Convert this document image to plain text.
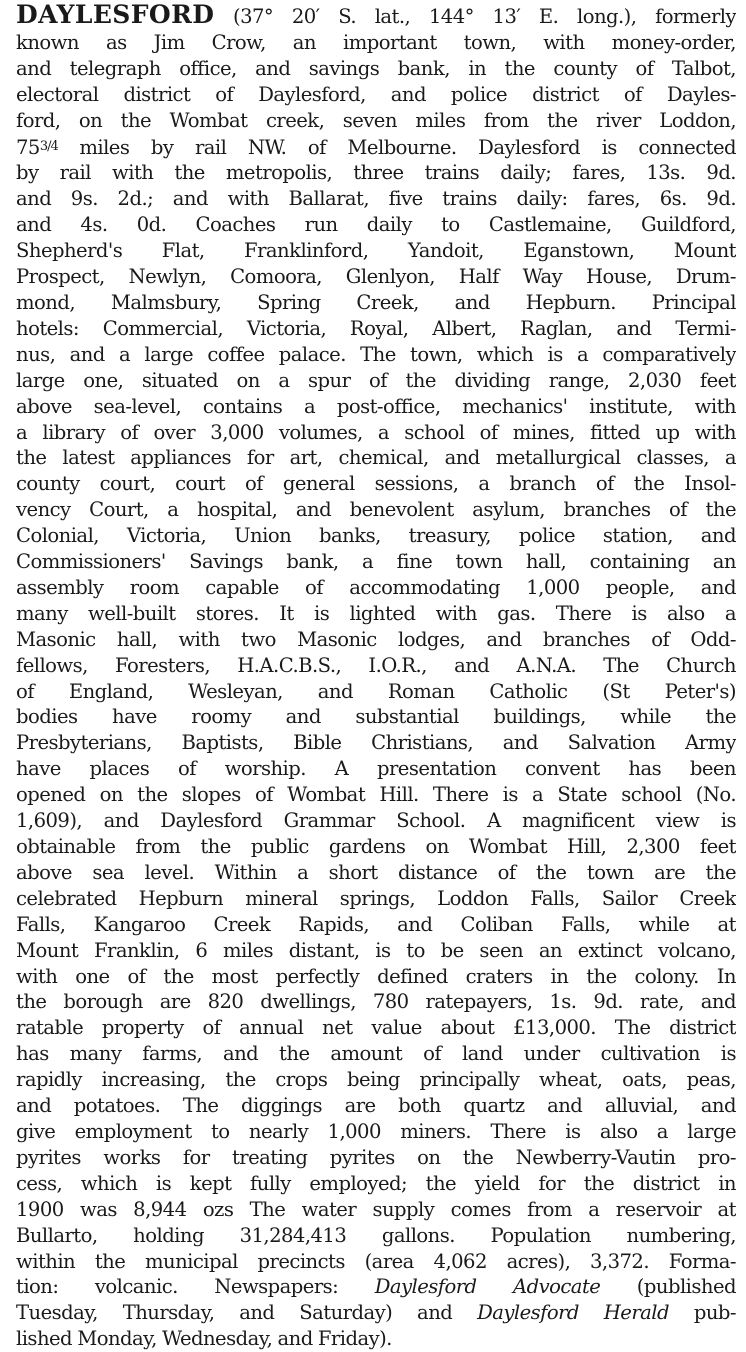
DAYLESFORD (37° 20′ S. lat., 144° 13′ E. long.), formerly
known as Jim Crow, an important town, with money-order,
and telegraph office, and savings bank, in the county of Talbot,
electoral district of Daylesford, and police district of Dayles-
ford, on the Wombat creek, seven miles from the river Loddon,
$75^{3/4}$ miles by rail NW. of Melbourne. Daylesford is connected
by rail with the metropolis, three trains daily; fares, 13s. 9d.
and 9s. 2d.; and with Ballarat, five trains daily: fares, 6s. 9d.
and 4s. 0d. Coaches run daily to Castlemaine, Guildford,
Shepherd's Flat, Franklinford, Yandoit, Eganstown, Mount
Prospect, Newlyn, Comoora, Glenlyon, Half Way House, Drum-
mond, Malmsbury, Spring Creek, and Hepburn. Principal
hotels: Commercial, Victoria, Royal, Albert, Raglan, and Termi-
nus, and a large coffee palace. The town, which is a comparatively
large one, situated on a spur of the dividing range, 2,030 feet
above sea-level, contains a post-office, mechanics' institute, with
a library of over 3,000 volumes, a school of mines, fitted up with
the latest appliances for art, chemical, and metallurgical classes, a
county court, court of general sessions, a branch of the Insol-
vency Court, a hospital, and benevolent asylum, branches of the
Colonial, Victoria, Union banks, treasury, police station, and
Commissioners' Savings bank, a fine town hall, containing an
assembly room capable of accommodating 1,000 people, and
many well-built stores. It is lighted with gas. There is also a
Masonic hall, with two Masonic lodges, and branches of Odd-
fellows, Foresters, H.A.C.B.S., I.O.R., and A.N.A. The Church
of England, Wesleyan, and Roman Catholic (St Peter's)
bodies have roomy and substantial buildings, while the
Presbyterians, Baptists, Bible Christians, and Salvation Army
have places of worship. A presentation convent has been
opened on the slopes of Wombat Hill. There is a State school (No.
1,609), and Daylesford Grammar School. A magnificent view is
obtainable from the public gardens on Wombat Hill, 2,300 feet
above sea level. Within a short distance of the town are the
celebrated Hepburn mineral springs, Loddon Falls, Sailor Creek
Falls, Kangaroo Creek Rapids, and Coliban Falls, while at
Mount Franklin, 6 miles distant, is to be seen an extinct volcano,
with one of the most perfectly defined craters in the colony. In
the borough are 820 dwellings, 780 ratepayers, 1s. 9d. rate, and
ratable property of annual net value about £13,000. The district
has many farms, and the amount of land under cultivation is
rapidly increasing, the crops being principally wheat, oats, peas,
and potatoes. The diggings are both quartz and alluvial, and
give employment to nearly 1,000 miners. There is also a large
pyrites works for treating pyrites on the Newberry-Vautin pro-
cess, which is kept fully employed; the yield for the district in
1900 was 8,944 ozs The water supply comes from a reservoir at
Bullarto, holding 31,284,413 gallons. Population numbering,
within the municipal precincts (area 4,062 acres), 3,372. Forma-
tion: volcanic. Newspapers: Daylesford Advocate (published
Tuesday, Thursday, and Saturday) and Daylesford Herald pub-
lished Monday, Wednesday, and Friday).
